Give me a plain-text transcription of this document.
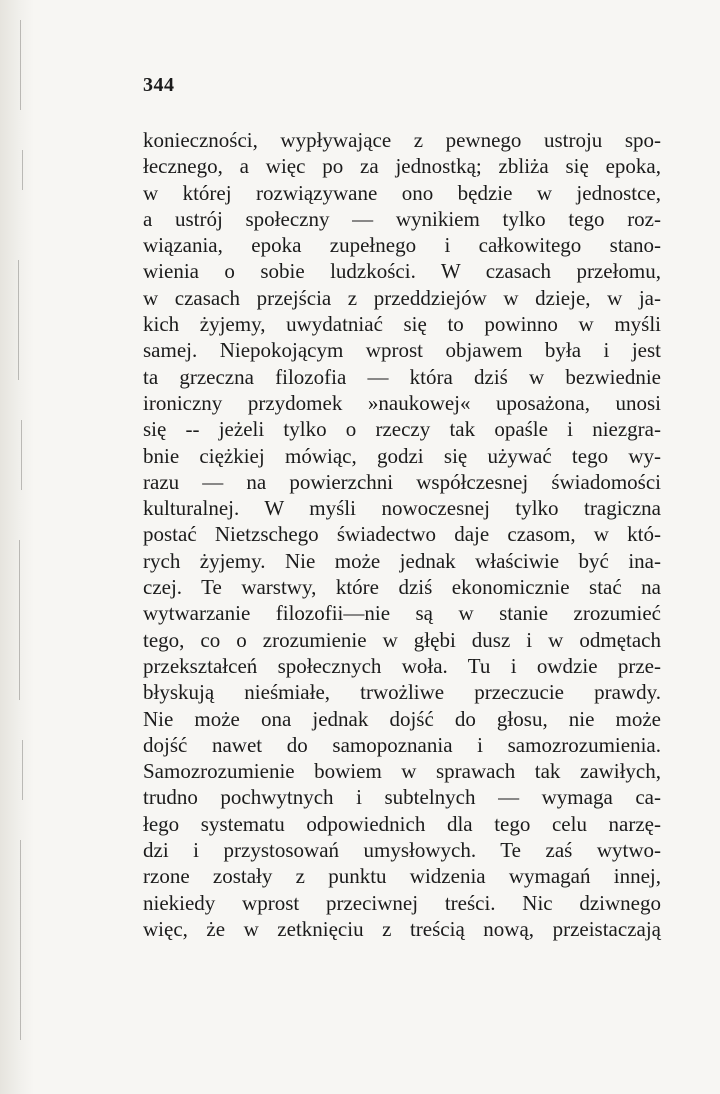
344
konieczności, wypływające z pewnego ustroju spo-
łecznego, a więc po za jednostką; zbliża się epoka,
w której rozwiązywane ono będzie w jednostce,
a ustrój społeczny — wynikiem tylko tego roz-
wiązania, epoka zupełnego i całkowitego stano-
wienia o sobie ludzkości. W czasach przełomu,
w czasach przejścia z przeddziejów w dzieje, w ja-
kich żyjemy, uwydatniać się to powinno w myśli
samej. Niepokojącym wprost objawem była i jest
ta grzeczna filozofia — która dziś w bezwiednie
ironiczny przydomek »naukowej« uposażona, unosi
się -- jeżeli tylko o rzeczy tak opaśle i niezgra-
bnie ciężkiej mówiąc, godzi się używać tego wy-
razu — na powierzchni współczesnej świadomości
kulturalnej. W myśli nowoczesnej tylko tragiczna
postać Nietzschego świadectwo daje czasom, w któ-
rych żyjemy. Nie może jednak właściwie być ina-
czej. Te warstwy, które dziś ekonomicznie stać na
wytwarzanie filozofii—nie są w stanie zrozumieć
tego, co o zrozumienie w głębi dusz i w odmętach
przekształceń społecznych woła. Tu i owdzie prze-
błyskują nieśmiałe, trwożliwe przeczucie prawdy.
Nie może ona jednak dojść do głosu, nie może
dojść nawet do samopoznania i samozrozumienia.
Samozrozumienie bowiem w sprawach tak zawiłych,
trudno pochwytnych i subtelnych — wymaga ca-
łego systematu odpowiednich dla tego celu narzę-
dzi i przystosowań umysłowych. Te zaś wytwo-
rzone zostały z punktu widzenia wymagań innej,
niekiedy wprost przeciwnej treści. Nic dziwnego
więc, że w zetknięciu z treścią nową, przeistaczają
